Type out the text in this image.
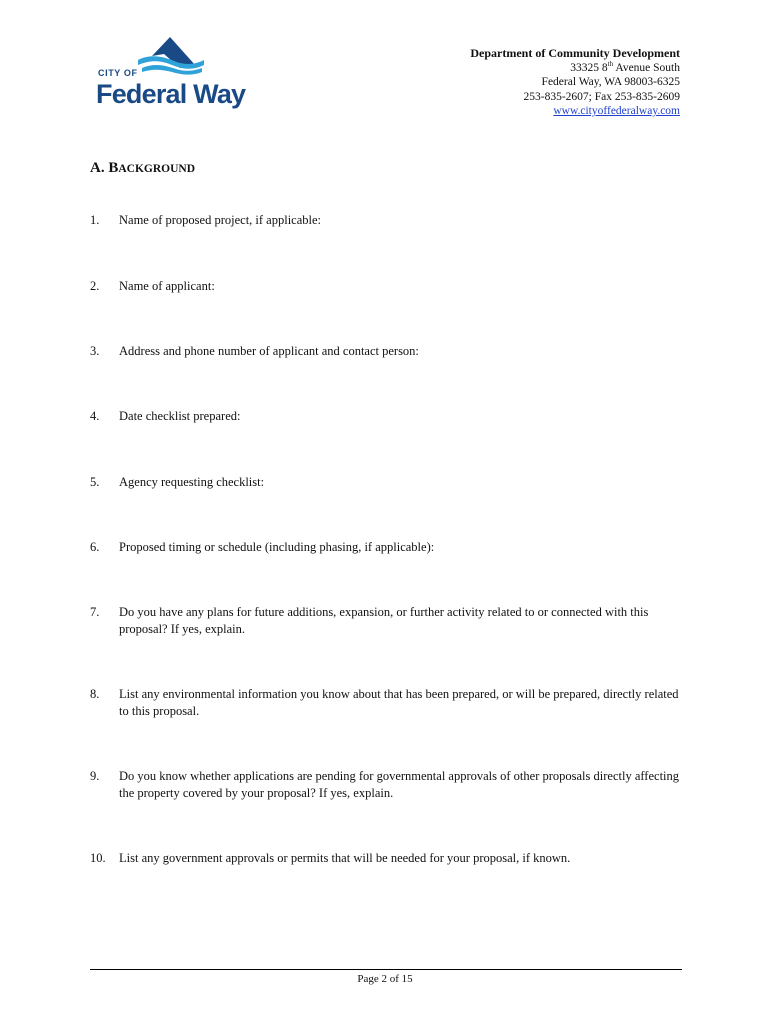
CITY OF
Federal Way
Department of Community Development
33325 8th Avenue South
Federal Way, WA 98003-6325
253-835-2607; Fax 253-835-2609
www.cityoffederalway.com
A. BACKGROUND
1. Name of proposed project, if applicable:
2. Name of applicant:
3. Address and phone number of applicant and contact person:
4. Date checklist prepared:
5. Agency requesting checklist:
6. Proposed timing or schedule (including phasing, if applicable):
7. Do you have any plans for future additions, expansion, or further activity related to or connected with this proposal? If yes, explain.
8. List any environmental information you know about that has been prepared, or will be prepared, directly related to this proposal.
9. Do you know whether applications are pending for governmental approvals of other proposals directly affecting the property covered by your proposal? If yes, explain.
10. List any government approvals or permits that will be needed for your proposal, if known.
Page 2 of 15
